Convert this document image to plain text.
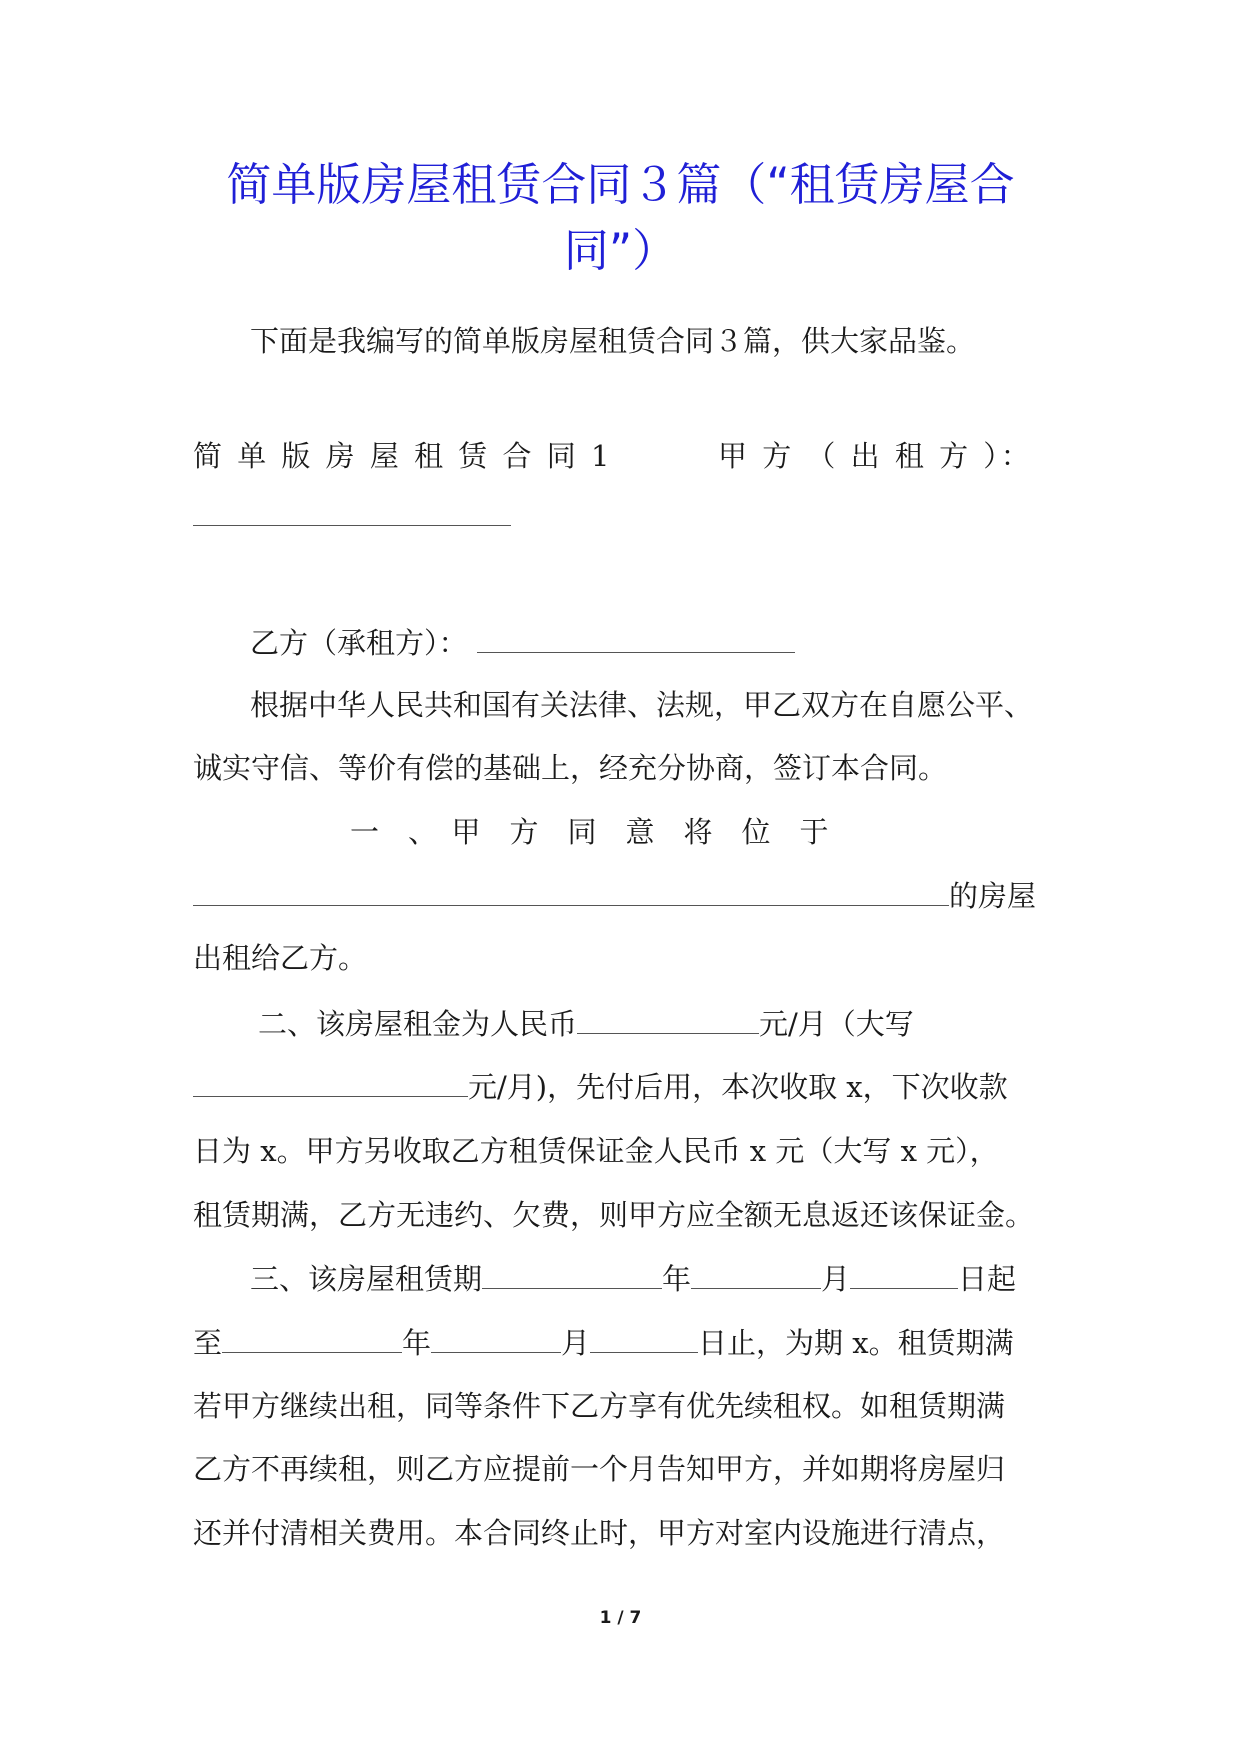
简单版房屋租赁合同３篇（“租赁房屋合
同”）
下面是我编写的简单版房屋租赁合同３篇，供大家品鉴。
简 单 版 房 屋 租 赁 合 同 1	甲 方 （ 出 租 方 ）：
乙方（承租方）：
根据中华人民共和国有关法律、法规，甲乙双方在自愿公平、
诚实守信、等价有偿的基础上，经充分协商，签订本合同。
一　、　甲　方　同　意　将　位　于
的房屋
出租给乙方。
二、该房屋租金为人民币	元/月（大写
元/月)，先付后用，本次收取 x，下次收款
日为 x。甲方另收取乙方租赁保证金人民币 x 元（大写 x 元），
租赁期满，乙方无违约、欠费，则甲方应全额无息返还该保证金。
三、该房屋租赁期	年	月	日起
至	年	月	日止，为期 x。租赁期满
若甲方继续出租，同等条件下乙方享有优先续租权。如租赁期满
乙方不再续租，则乙方应提前一个月告知甲方，并如期将房屋归
还并付清相关费用。本合同终止时，甲方对室内设施进行清点，
1 / 7
